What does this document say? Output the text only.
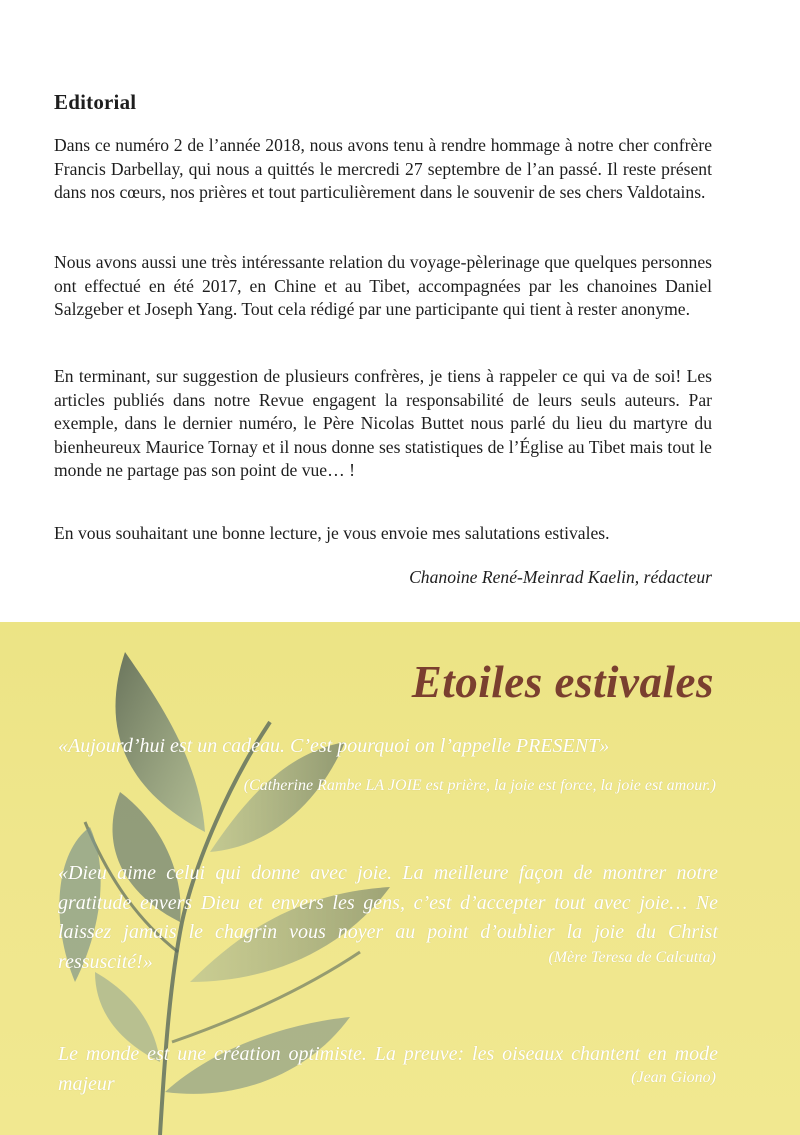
Editorial

Dans ce numéro 2 de l’année 2018, nous avons tenu à rendre hommage à notre cher confrère Francis Darbellay, qui nous a quittés le mercredi 27 septembre de l’an passé. Il reste présent dans nos cœurs, nos prières et tout particulièrement dans le souvenir de ses chers Valdotains.

Nous avons aussi une très intéressante relation du voyage-pèlerinage que quelques personnes ont effectué en été 2017, en Chine et au Tibet, accompagnées par les chanoines Daniel Salzgeber et Joseph Yang. Tout cela rédigé par une participante qui tient à rester anonyme.

En terminant, sur suggestion de plusieurs confrères, je tiens à rappeler ce qui va de soi! Les articles publiés dans notre Revue engagent la responsabilité de leurs seuls auteurs. Par exemple, dans le dernier numéro, le Père Nicolas Buttet nous parlé du lieu du martyre du bienheureux Maurice Tornay et il nous donne ses statistiques de l’Église au Tibet mais tout le monde ne partage pas son point de vue… !

En vous souhaitant une bonne lecture, je vous envoie mes salutations estivales.

Chanoine René-Meinrad Kaelin, rédacteur

Etoiles estivales

«Aujourd’hui est un cadeau. C’est pourquoi on l’appelle PRESENT»

(Catherine Rambe LA JOIE est prière, la joie est force, la joie est amour.)

«Dieu aime celui qui donne avec joie. La meilleure façon de montrer notre gratitude envers Dieu et envers les gens, c’est d’accepter tout avec joie… Ne laissez jamais le chagrin vous noyer au point d’oublier la joie du Christ ressuscité!»	(Mère Teresa de Calcutta)

Le monde est une création optimiste. La preuve: les oiseaux chantent en mode majeur	(Jean Giono)
